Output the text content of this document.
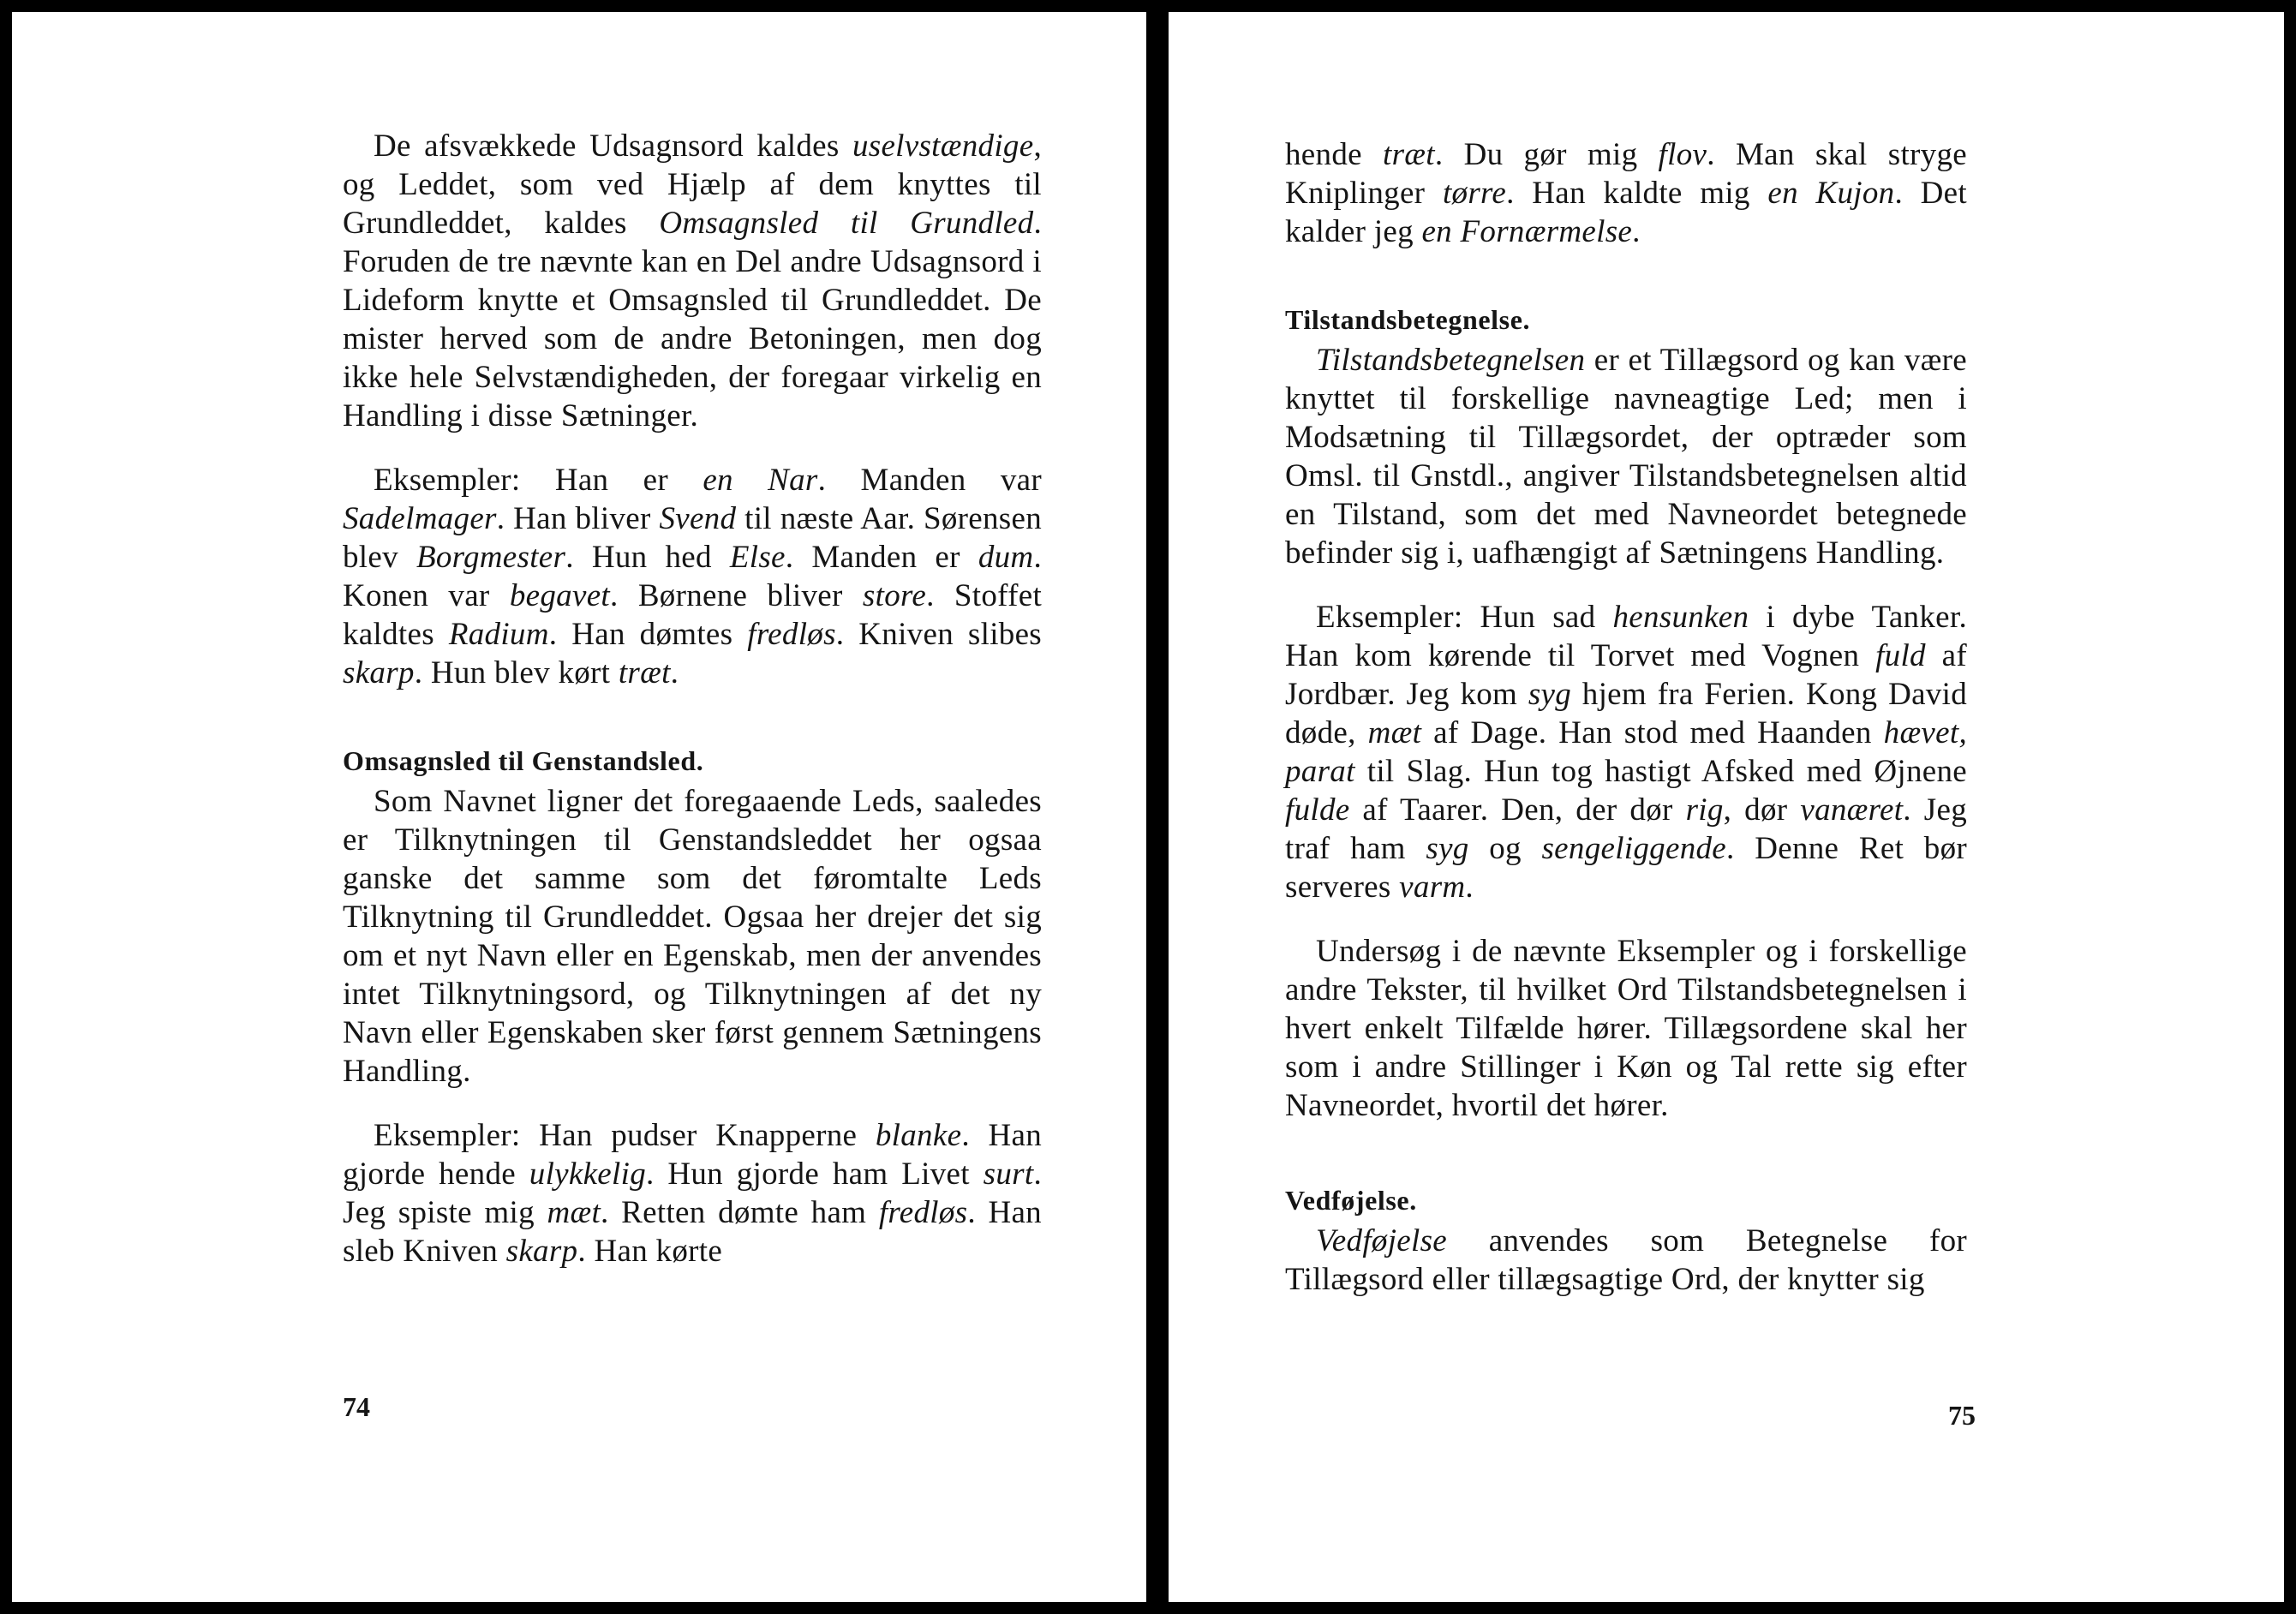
De afsvækkede Udsagnsord kaldes uselvstændige, og Leddet, som ved Hjælp af dem knyttes til Grundleddet, kaldes Omsagnsled til Grundled. Foruden de tre nævnte kan en Del andre Udsagnsord i Lideform knytte et Omsagnsled til Grundleddet. De mister herved som de andre Betoningen, men dog ikke hele Selvstændigheden, der foregaar virkelig en Handling i disse Sætninger.

Eksempler: Han er en Nar. Manden var Sadelmager. Han bliver Svend til næste Aar. Sørensen blev Borgmester. Hun hed Else. Manden er dum. Konen var begavet. Børnene bliver store. Stoffet kaldtes Radium. Han dømtes fredløs. Kniven slibes skarp. Hun blev kørt træt.

Omsagnsled til Genstandsled.

Som Navnet ligner det foregaaende Leds, saaledes er Tilknytningen til Genstandsleddet her ogsaa ganske det samme som det føromtalte Leds Tilknytning til Grundleddet. Ogsaa her drejer det sig om et nyt Navn eller en Egenskab, men der anvendes intet Tilknytningsord, og Tilknytningen af det ny Navn eller Egenskaben sker først gennem Sætningens Handling.

Eksempler: Han pudser Knapperne blanke. Han gjorde hende ulykkelig. Hun gjorde ham Livet surt. Jeg spiste mig mæt. Retten dømte ham fredløs. Han sleb Kniven skarp. Han kørte

74

hende træt. Du gør mig flov. Man skal stryge Kniplinger tørre. Han kaldte mig en Kujon. Det kalder jeg en Fornærmelse.

Tilstandsbetegnelse.

Tilstandsbetegnelsen er et Tillægsord og kan være knyttet til forskellige navneagtige Led; men i Modsætning til Tillægsordet, der optræder som Omsl. til Gnstdl., angiver Tilstandsbetegnelsen altid en Tilstand, som det med Navneordet betegnede befinder sig i, uafhængigt af Sætningens Handling.

Eksempler: Hun sad hensunken i dybe Tanker. Han kom kørende til Torvet med Vognen fuld af Jordbær. Jeg kom syg hjem fra Ferien. Kong David døde, mæt af Dage. Han stod med Haanden hævet, parat til Slag. Hun tog hastigt Afsked med Øjnene fulde af Taarer. Den, der dør rig, dør vanæret. Jeg traf ham syg og sengeliggende. Denne Ret bør serveres varm.

Undersøg i de nævnte Eksempler og i forskellige andre Tekster, til hvilket Ord Tilstandsbetegnelsen i hvert enkelt Tilfælde hører. Tillægsordene skal her som i andre Stillinger i Køn og Tal rette sig efter Navneordet, hvortil det hører.

Vedføjelse.

Vedføjelse anvendes som Betegnelse for Tillægsord eller tillægsagtige Ord, der knytter sig

75
